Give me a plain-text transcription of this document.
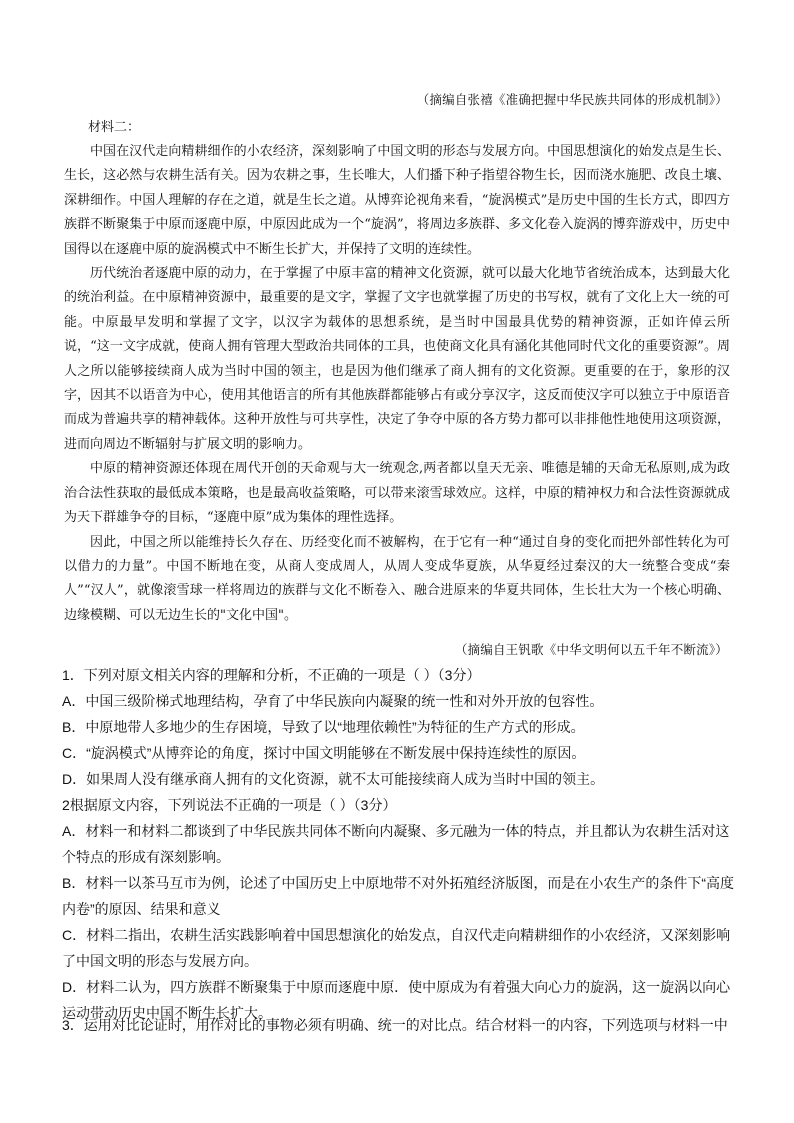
（摘编自张禧《准确把握中华民族共同体的形成机制》）
材料二：

中国在汉代走向精耕细作的小农经济，深刻影响了中国文明的形态与发展方向。中国思想演化的始发点是生长、生长，这必然与农耕生活有关。因为农耕之事，生长唯大，人们播下种子指望谷物生长，因而浇水施肥、改良土壤、深耕细作。中国人理解的存在之道，就是生长之道。从博弈论视角来看，“旋涡模式”是历史中国的生长方式，即四方族群不断聚集于中原而逐鹿中原，中原因此成为一个“旋涡”，将周边多族群、多文化卷入旋涡的博弈游戏中，历史中国得以在逐鹿中原的旋涡模式中不断生长扩大，并保持了文明的连续性。

历代统治者逐鹿中原的动力，在于掌握了中原丰富的精神文化资源，就可以最大化地节省统治成本，达到最大化的统治利益。在中原精神资源中，最重要的是文字，掌握了文字也就掌握了历史的书写权，就有了文化上大一统的可能。中原最早发明和掌握了文字，以汉字为载体的思想系统，是当时中国最具优势的精神资源，正如许倬云所说，“这一文字成就，使商人拥有管理大型政治共同体的工具，也使商文化具有涵化其他同时代文化的重要资源”。周人之所以能够接续商人成为当时中国的领主，也是因为他们继承了商人拥有的文化资源。更重要的在于，象形的汉字，因其不以语音为中心，使用其他语言的所有其他族群都能够占有或分享汉字，这反而使汉字可以独立于中原语音而成为普遍共享的精神载体。这种开放性与可共享性，决定了争夺中原的各方势力都可以非排他性地使用这项资源，进而向周边不断辐射与扩展文明的影响力。

中原的精神资源还体现在周代开创的天命观与大一统观念,两者都以皇天无亲、唯德是辅的天命无私原则,成为政治合法性获取的最低成本策略，也是最高收益策略，可以带来滚雪球效应。这样，中原的精神权力和合法性资源就成为天下群雄争夺的目标，“逐鹿中原”成为集体的理性选择。

因此，中国之所以能维持长久存在、历经变化而不被解构，在于它有一种“通过自身的变化而把外部性转化为可以借力的力量”。中国不断地在变，从商人变成周人，从周人变成华夏族，从华夏经过秦汉的大一统整合变成“秦人”“汉人”，就像滚雪球一样将周边的族群与文化不断卷入、融合进原来的华夏共同体，生长壮大为一个核心明确、边缘模糊、可以无边生长的"文化中国"。

（摘编自王钒歌《中华文明何以五千年不断流》）
1．下列对原文相关内容的理解和分析，不正确的一项是（ ）（3分）
A．中国三级阶梯式地理结构，孕育了中华民族向内凝聚的统一性和对外开放的包容性。
B．中原地带人多地少的生存困境，导致了以“地理依赖性”为特征的生产方式的形成。
C．“旋涡模式”从博弈论的角度，探讨中国文明能够在不断发展中保持连续性的原因。
D．如果周人没有继承商人拥有的文化资源，就不太可能接续商人成为当时中国的领主。
2根据原文内容，下列说法不正确的一项是（ ）（3分）
A．材料一和材料二都谈到了中华民族共同体不断向内凝聚、多元融为一体的特点，并且都认为农耕生活对这个特点的形成有深刻影响。
B．材料一以茶马互市为例，论述了中国历史上中原地带不对外拓殖经济版图，而是在小农生产的条件下“高度内卷”的原因、结果和意义
C．材料二指出，农耕生活实践影响着中国思想演化的始发点，自汉代走向精耕细作的小农经济，又深刻影响了中国文明的形态与发展方向。
D．材料二认为，四方族群不断聚集于中原而逐鹿中原．使中原成为有着强大向心力的旋涡，这一旋涡以向心运动带动历史中国不断生长扩大。
3．运用对比论证时，用作对比的事物必须有明确、统一的对比点。结合材料一的内容，下列选项与材料一中
